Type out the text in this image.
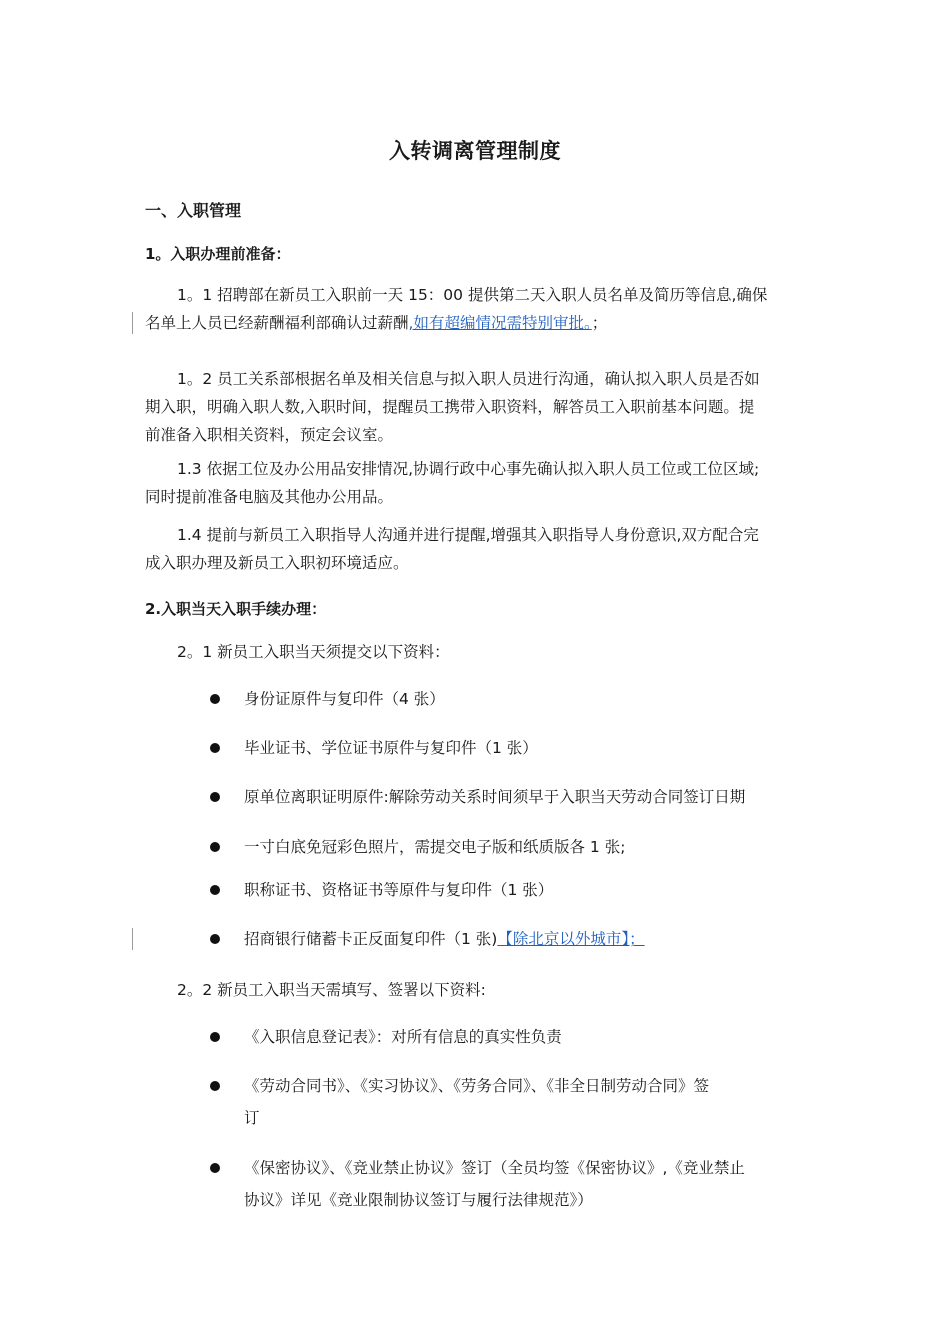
入转调离管理制度
一、入职管理
1。入职办理前准备：
1。1 招聘部在新员工入职前一天 15：00 提供第二天入职人员名单及简历等信息,确保
名单上人员已经薪酬福利部确认过薪酬,如有超编情况需特别审批。；
1。2 员工关系部根据名单及相关信息与拟入职人员进行沟通，确认拟入职人员是否如
期入职，明确入职人数,入职时间，提醒员工携带入职资料，解答员工入职前基本问题。提
前准备入职相关资料，预定会议室。
1.3 依据工位及办公用品安排情况,协调行政中心事先确认拟入职人员工位或工位区域;
同时提前准备电脑及其他办公用品。
1.4 提前与新员工入职指导人沟通并进行提醒,增强其入职指导人身份意识,双方配合完
成入职办理及新员工入职初环境适应。
2.入职当天入职手续办理：
2。1 新员工入职当天须提交以下资料：
身份证原件与复印件（4 张）
毕业证书、学位证书原件与复印件（1 张）
原单位离职证明原件:解除劳动关系时间须早于入职当天劳动合同签订日期
一寸白底免冠彩色照片，需提交电子版和纸质版各 1 张;
职称证书、资格证书等原件与复印件（1 张）
招商银行储蓄卡正反面复印件（1 张)【除北京以外城市】；
2。2 新员工入职当天需填写、签署以下资料:
《入职信息登记表》：对所有信息的真实性负责
《劳动合同书》、《实习协议》、《劳务合同》、《非全日制劳动合同》签
订
《保密协议》、《竞业禁止协议》签订（全员均签《保密协议》,《竞业禁止
协议》详见《竞业限制协议签订与履行法律规范》）
